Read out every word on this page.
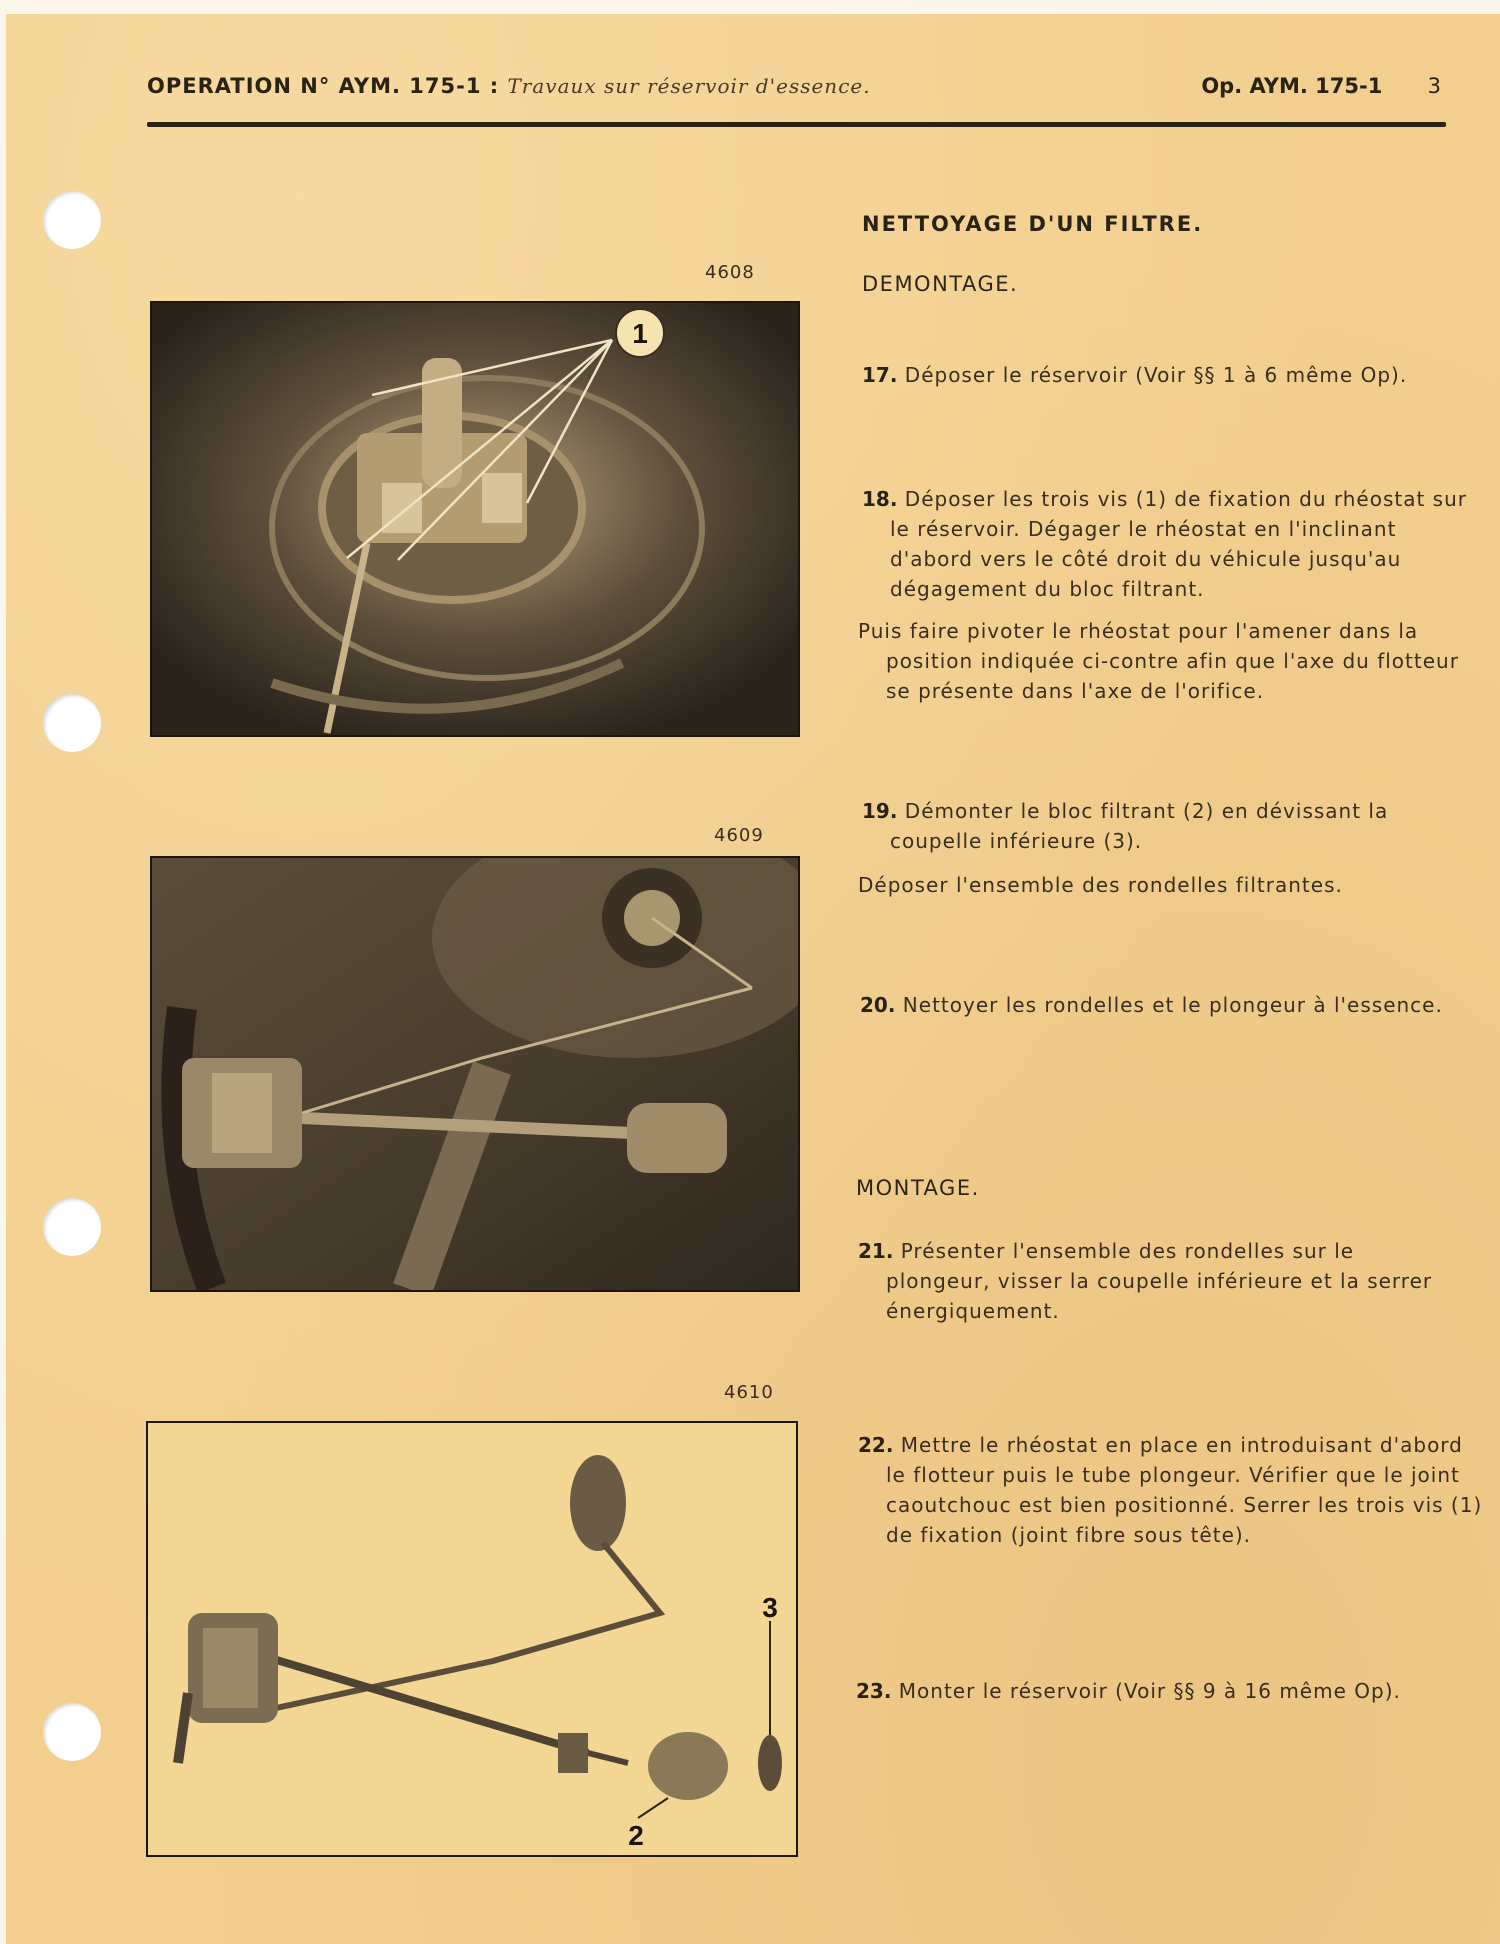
OPERATION N° AYM. 175-1 : Travaux sur réservoir d'essence.	Op. AYM. 175-1 3
4608
1
4609
4610
3
2
NETTOYAGE D'UN FILTRE.
DEMONTAGE.
17. Déposer le réservoir (Voir §§ 1 à 6 même Op).
18. Déposer les trois vis (1) de fixation du rhéostat sur le réservoir. Dégager le rhéostat en l'inclinant d'abord vers le côté droit du véhicule jusqu'au dégagement du bloc filtrant.
Puis faire pivoter le rhéostat pour l'amener dans la position indiquée ci-contre afin que l'axe du flotteur se présente dans l'axe de l'orifice.
19. Démonter le bloc filtrant (2) en dévissant la coupelle inférieure (3).
Déposer l'ensemble des rondelles filtrantes.
20. Nettoyer les rondelles et le plongeur à l'essence.
MONTAGE.
21. Présenter l'ensemble des rondelles sur le plongeur, visser la coupelle inférieure et la serrer énergiquement.
22. Mettre le rhéostat en place en introduisant d'abord le flotteur puis le tube plongeur. Vérifier que le joint caoutchouc est bien positionné. Serrer les trois vis (1) de fixation (joint fibre sous tête).
23. Monter le réservoir (Voir §§ 9 à 16 même Op).
